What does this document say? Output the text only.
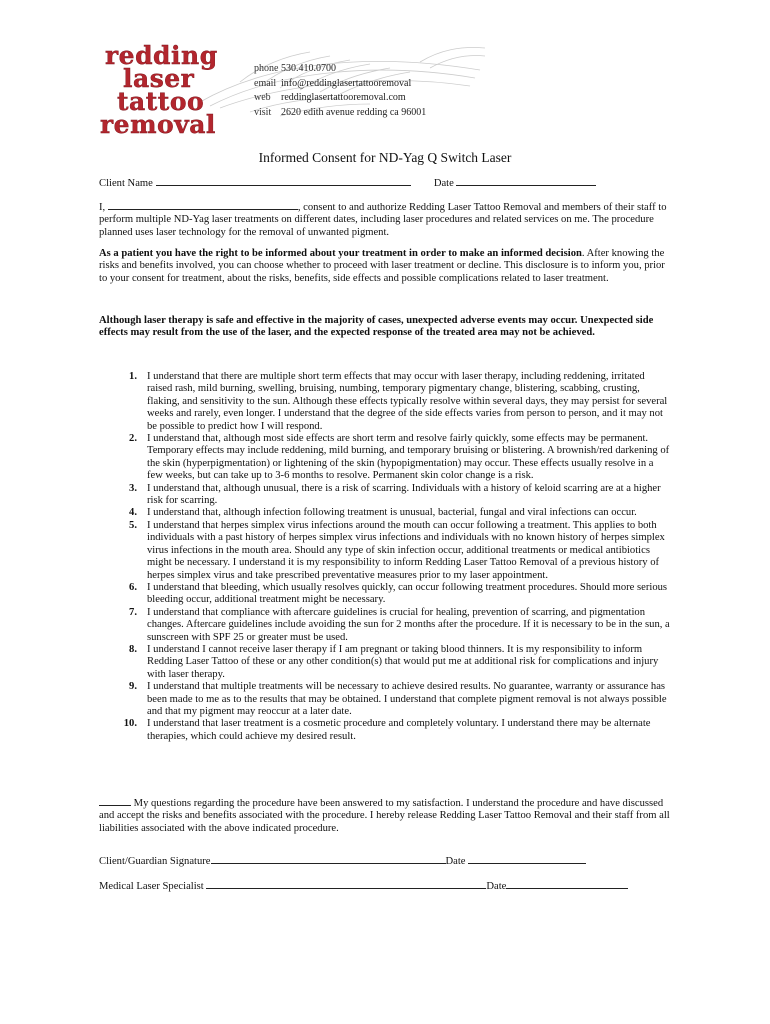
redding
laser
tattoo
removal
phone 530.410.0700
email info@reddinglasertattooremoval
web	reddinglasertattooremoval.com
visit 2620 edith avenue redding ca 96001
Informed Consent for ND-Yag Q Switch Laser
Client Name	Date
I,	, consent to and authorize Redding Laser Tattoo Removal and members of their staff to perform multiple ND-Yag laser treatments on different dates, including laser procedures and related services on me. The procedure planned uses laser technology for the removal of unwanted pigment.
As a patient you have the right to be informed about your treatment in order to make an informed decision. After knowing the risks and benefits involved, you can choose whether to proceed with laser treatment or decline. This disclosure is to inform you, prior to your consent for treatment, about the risks, benefits, side effects and possible complications related to laser treatment.
Although laser therapy is safe and effective in the majority of cases, unexpected adverse events may occur. Unexpected side effects may result from the use of the laser, and the expected response of the treated area may not be achieved.
1. I understand that there are multiple short term effects that may occur with laser therapy, including reddening, irritated raised rash, mild burning, swelling, bruising, numbing, temporary pigmentary change, blistering, scabbing, crusting, flaking, and sensitivity to the sun. Although these effects typically resolve within several days, they may persist for several weeks and rarely, even longer. I understand that the degree of the side effects varies from person to person, and it may not be possible to predict how I will respond.
2. I understand that, although most side effects are short term and resolve fairly quickly, some effects may be permanent. Temporary effects may include reddening, mild burning, and temporary bruising or blistering. A brownish/red darkening of the skin (hyperpigmentation) or lightening of the skin (hypopigmentation) may occur. These effects usually resolve in a few weeks, but can take up to 3-6 months to resolve. Permanent skin color change is a risk.
3. I understand that, although unusual, there is a risk of scarring. Individuals with a history of keloid scarring are at a higher risk for scarring.
4. I understand that, although infection following treatment is unusual, bacterial, fungal and viral infections can occur.
5. I understand that herpes simplex virus infections around the mouth can occur following a treatment. This applies to both individuals with a past history of herpes simplex virus infections and individuals with no known history of herpes simplex virus infections in the mouth area. Should any type of skin infection occur, additional treatments or medical antibiotics might be necessary. I understand it is my responsibility to inform Redding Laser Tattoo Removal of a previous history of herpes simplex virus and take prescribed preventative measures prior to my laser appointment.
6. I understand that bleeding, which usually resolves quickly, can occur following treatment procedures. Should more serious bleeding occur, additional treatment might be necessary.
7. I understand that compliance with aftercare guidelines is crucial for healing, prevention of scarring, and pigmentation changes. Aftercare guidelines include avoiding the sun for 2 months after the procedure. If it is necessary to be in the sun, a sunscreen with SPF 25 or greater must be used.
8. I understand I cannot receive laser therapy if I am pregnant or taking blood thinners. It is my responsibility to inform Redding Laser Tattoo of these or any other condition(s) that would put me at additional risk for complications and injury with laser therapy.
9. I understand that multiple treatments will be necessary to achieve desired results. No guarantee, warranty or assurance has been made to me as to the results that may be obtained. I understand that complete pigment removal is not always possible and that my pigment may reoccur at a later date.
10. I understand that laser treatment is a cosmetic procedure and completely voluntary. I understand there may be alternate therapies, which could achieve my desired result.
My questions regarding the procedure have been answered to my satisfaction. I understand the procedure and have discussed and accept the risks and benefits associated with the procedure. I hereby release Redding Laser Tattoo Removal and their staff from all liabilities associated with the above indicated procedure.
Client/Guardian Signature	Date
Medical Laser Specialist	Date
